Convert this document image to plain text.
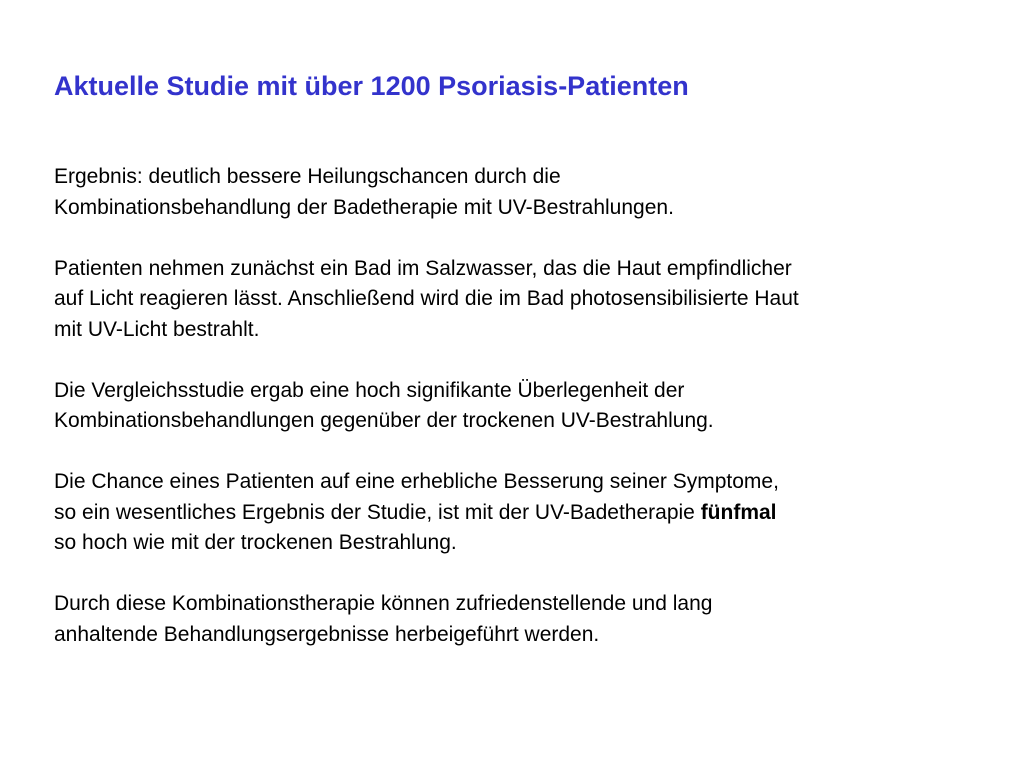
Aktuelle Studie mit über 1200 Psoriasis-Patienten

Ergebnis: deutlich bessere Heilungschancen durch die
Kombinationsbehandlung der Badetherapie mit UV-Bestrahlungen.

Patienten nehmen zunächst ein Bad im Salzwasser, das die Haut empfindlicher
auf Licht reagieren lässt. Anschließend wird die im Bad photosensibilisierte Haut
mit UV-Licht bestrahlt.

Die Vergleichsstudie ergab eine hoch signifikante Überlegenheit der
Kombinationsbehandlungen gegenüber der trockenen UV-Bestrahlung.

Die Chance eines Patienten auf eine erhebliche Besserung seiner Symptome,
so ein wesentliches Ergebnis der Studie, ist mit der UV-Badetherapie fünfmal
so hoch wie mit der trockenen Bestrahlung.

Durch diese Kombinationstherapie können zufriedenstellende und lang
anhaltende Behandlungsergebnisse herbeigeführt werden.
